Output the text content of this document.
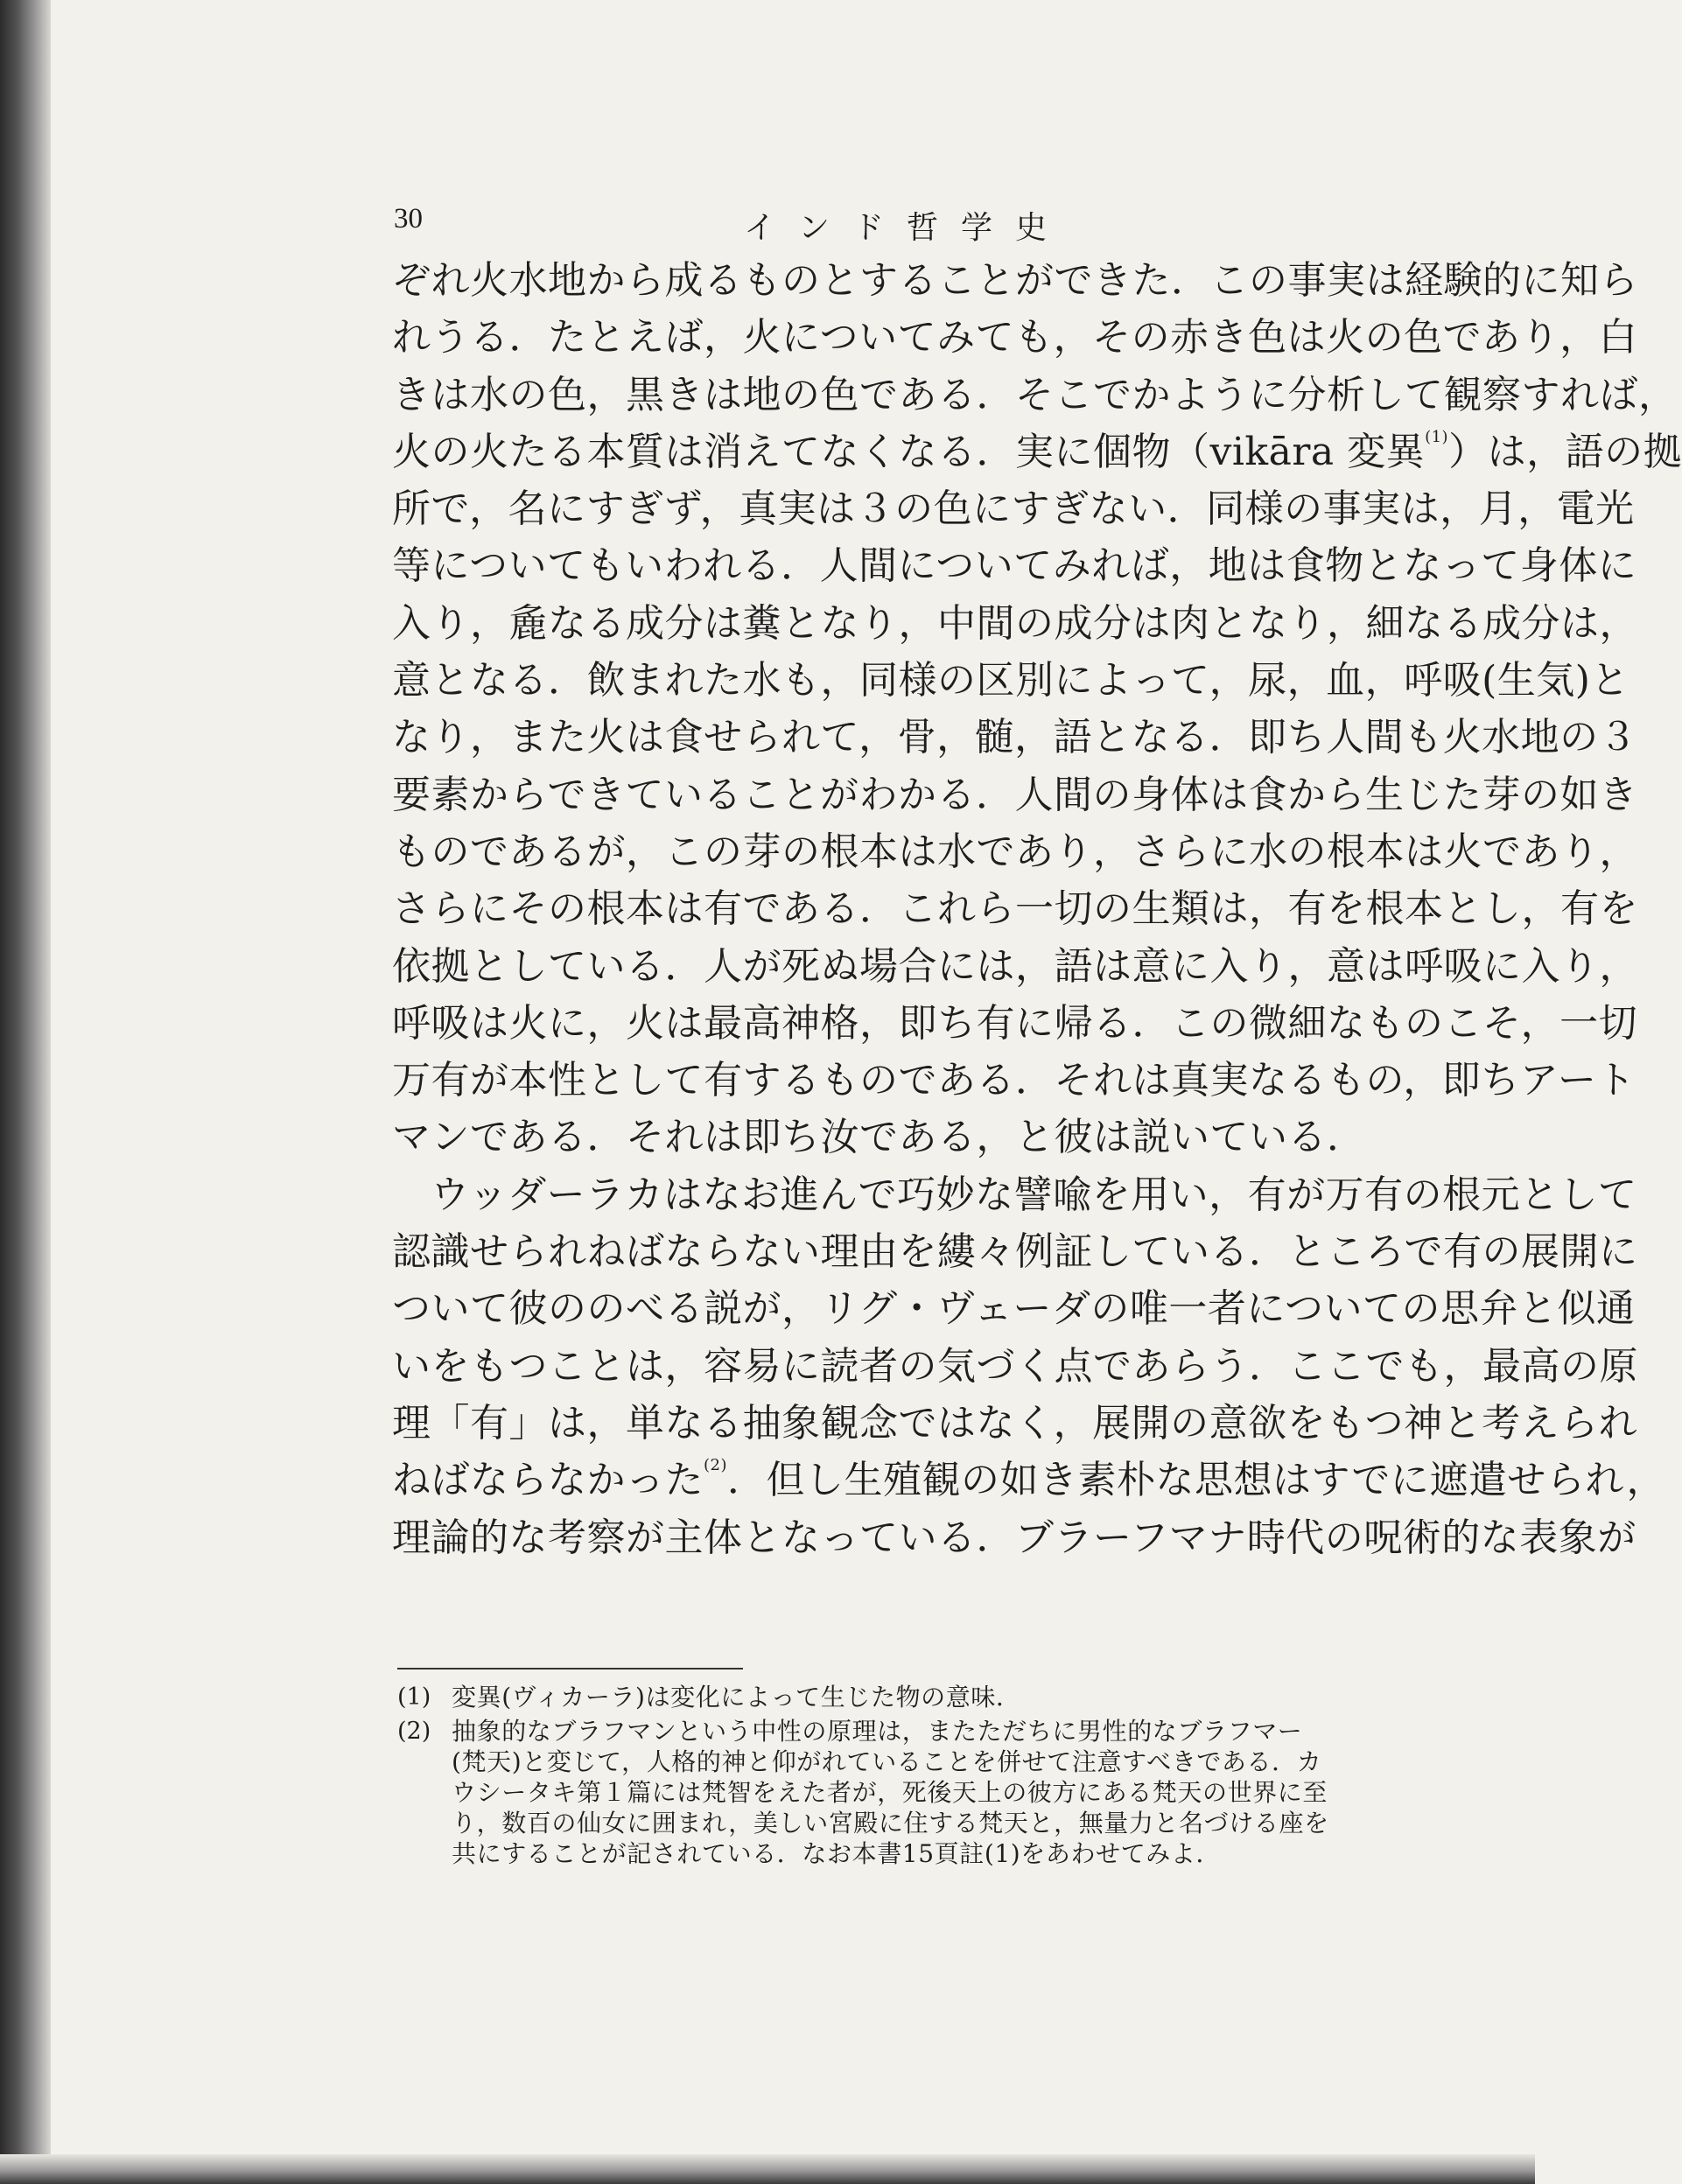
30	インド哲学史

ぞれ火水地から成るものとすることができた．この事実は経験的に知ら

れうる．たとえば，火についてみても，その赤き色は火の色であり，白

きは水の色，黒きは地の色である．そこでかように分析して観察すれば，

火の火たる本質は消えてなくなる．実に個物（vikāra 変異$^{(1)}$）は，語の拠

所で，名にすぎず，真実は３の色にすぎない．同様の事実は，月，電光

等についてもいわれる．人間についてみれば，地は食物となって身体に

入り，麁なる成分は糞となり，中間の成分は肉となり，細なる成分は，

意となる．飲まれた水も，同様の区別によって，尿，血，呼吸(生気)と

なり，また火は食せられて，骨，髄，語となる．即ち人間も火水地の３

要素からできていることがわかる．人間の身体は食から生じた芽の如き

ものであるが，この芽の根本は水であり，さらに水の根本は火であり，

さらにその根本は有である．これら一切の生類は，有を根本とし，有を

依拠としている．人が死ぬ場合には，語は意に入り，意は呼吸に入り，

呼吸は火に，火は最高神格，即ち有に帰る．この微細なものこそ，一切

万有が本性として有するものである．それは真実なるもの，即ちアート

マンである．それは即ち汝である，と彼は説いている．

ウッダーラカはなお進んで巧妙な譬喩を用い，有が万有の根元として

認識せられねばならない理由を縷々例証している．ところで有の展開に

ついて彼ののべる説が，リグ・ヴェーダの唯一者についての思弁と似通

いをもつことは，容易に読者の気づく点であらう．ここでも，最高の原

理「有」は，単なる抽象観念ではなく，展開の意欲をもつ神と考えられ

ねばならなかった$^{(2)}$．但し生殖観の如き素朴な思想はすでに遮遣せられ，

理論的な考察が主体となっている．ブラーフマナ時代の呪術的な表象が

(1) 変異(ヴィカーラ)は変化によって生じた物の意味．
(2) 抽象的なブラフマンという中性の原理は，またただちに男性的なブラフマー
(梵天)と変じて，人格的神と仰がれていることを併せて注意すべきである．カ
ウシータキ第１篇には梵智をえた者が，死後天上の彼方にある梵天の世界に至
り，数百の仙女に囲まれ，美しい宮殿に住する梵天と，無量力と名づける座を
共にすることが記されている．なお本書15頁註(1)をあわせてみよ．
